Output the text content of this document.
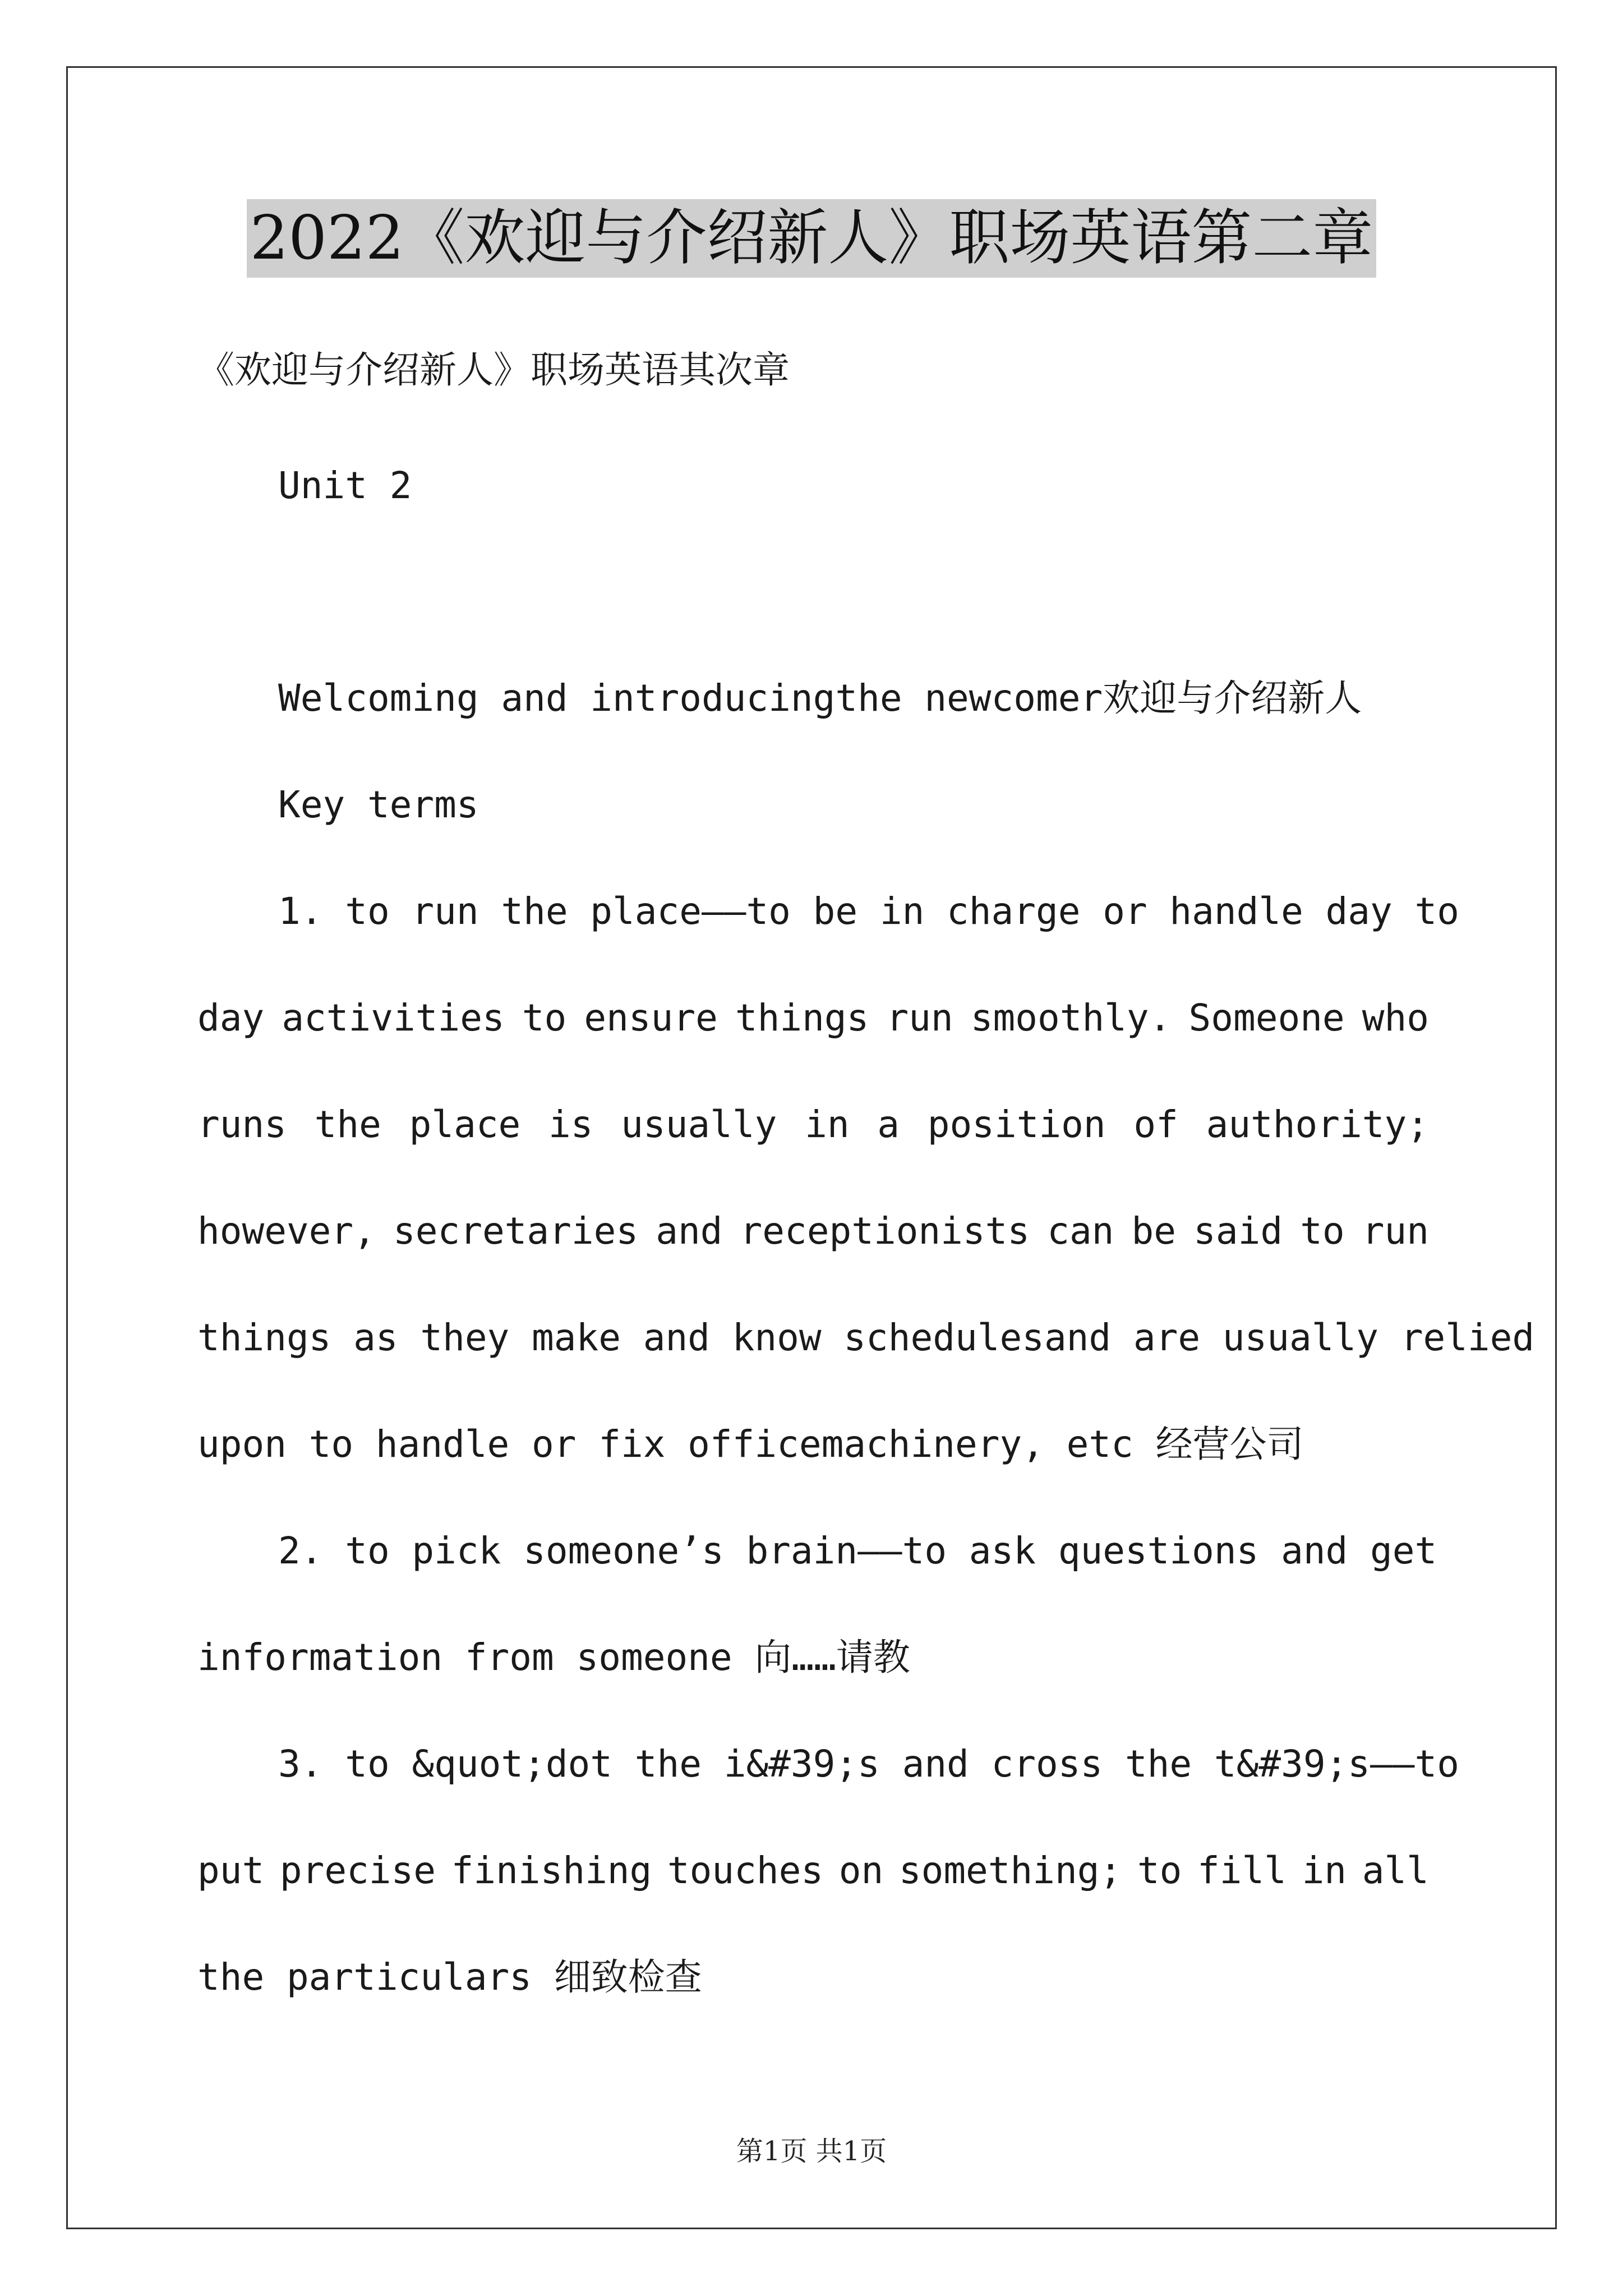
2022《欢迎与介绍新人》职场英语第二章

《欢迎与介绍新人》职场英语其次章

Unit 2

Welcoming and introducingthe newcomer欢迎与介绍新人

Key terms

1. to run the place——to be in charge or handle day to

day activities to ensure things run smoothly. Someone who

runs the place is usually in a position of authority;

however, secretaries and receptionists can be said to run

things as they make and know schedulesand are usually relied

upon to handle or fix officemachinery, etc 经营公司

2. to pick someone’s brain——to ask questions and get

information from someone 向……请教

3. to &quot;dot the i&#39;s and cross the t&#39;s——to

put precise finishing touches on something; to fill in all

the particulars 细致检查

第1页 共1页
